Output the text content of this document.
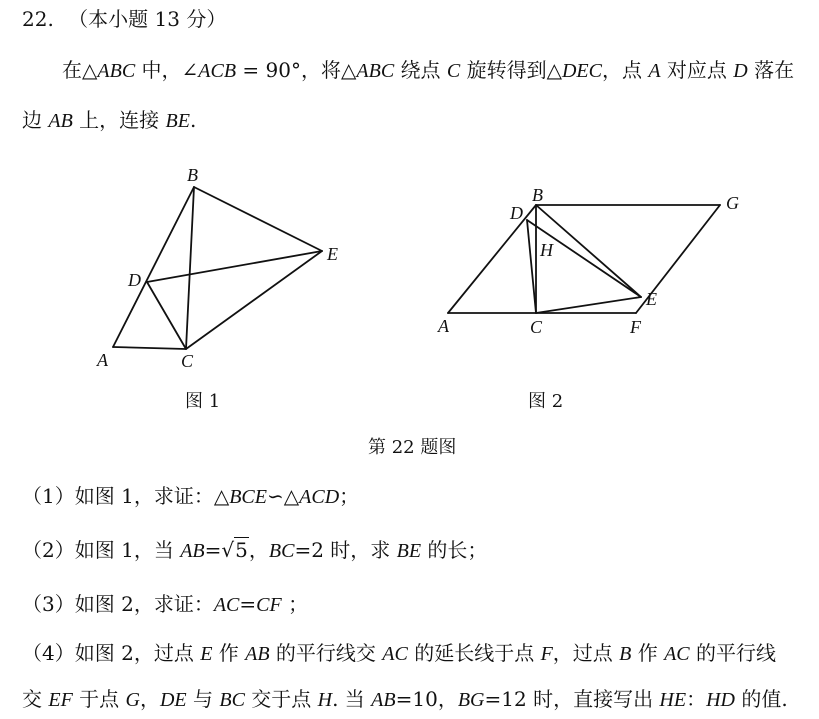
22. （本小题 13 分）
在△ABC 中，∠ACB = 90°，将△ABC 绕点 C 旋转得到△DEC，点 A 对应点 D 落在
边 AB 上，连接 BE.
A
B
C
D
E
A
B
C
D
E
F
G
H
图 1	图 2
第 22 题图
（1）如图 1，求证：△BCE∽△ACD；
（2）如图 1，当 AB=√5，BC=2 时，求 BE 的长；
（3）如图 2，求证：AC=CF ；
（4）如图 2，过点 E 作 AB 的平行线交 AC 的延长线于点 F，过点 B 作 AC 的平行线
交 EF 于点 G，DE 与 BC 交于点 H. 当 AB=10，BG=12 时，直接写出 HE：HD 的值.
